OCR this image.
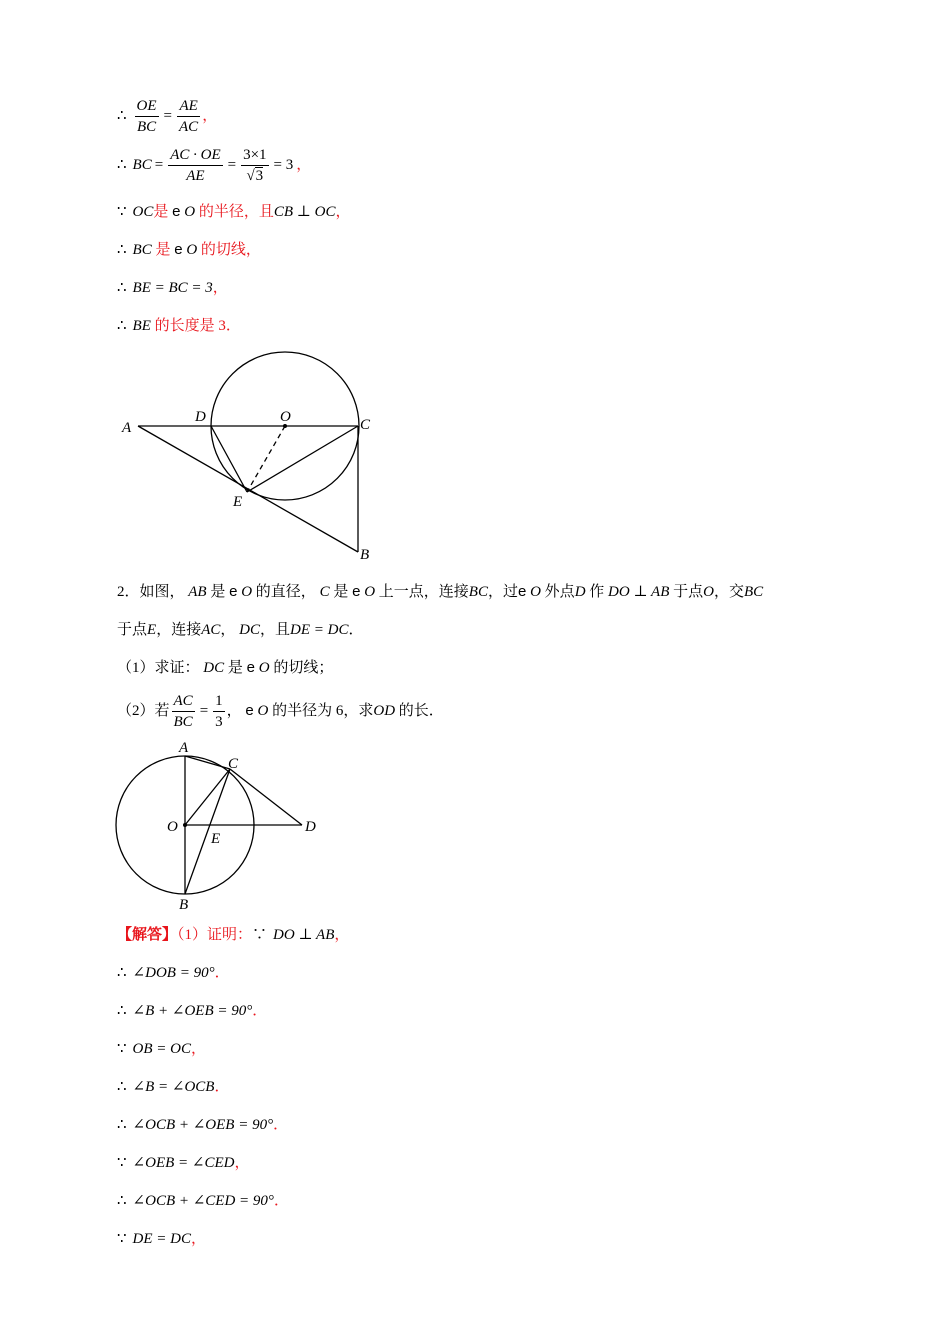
∴ $\frac{OE}{BC} = \frac{AE}{AC}$ ，
∴ BC = $\frac{AC \cdot OE}{AE} = \frac{3\times 1}{√3} = 3$ ，
∵ OC是 e O 的半径，且CB ⊥ OC，
∴ BC 是 e O 的切线，
∴ BE = BC = 3，
∴ BE 的长度是 3．
A
D	O	C
E
B
2．如图， AB 是 e O 的直径， C 是 e O 上一点，连接BC，过e O 外点D 作 DO ⊥ AB 于点O，交BC
于点E，连接AC， DC，且DE = DC．
（1）求证： DC 是 e O 的切线；
（2）若 $\frac{AC}{BC} = \frac{1}{3}$ ， e O 的半径为 6，求OD 的长．
A
C
O
E
D
B
【解答】（1）证明：∵ DO ⊥ AB，
∴ ∠DOB = 90°．
∴ ∠B + ∠OEB = 90°．
∵ OB = OC，
∴ ∠B = ∠OCB．
∴ ∠OCB + ∠OEB = 90°．
∵ ∠OEB = ∠CED，
∴ ∠OCB + ∠CED = 90°．
∵ DE = DC，
